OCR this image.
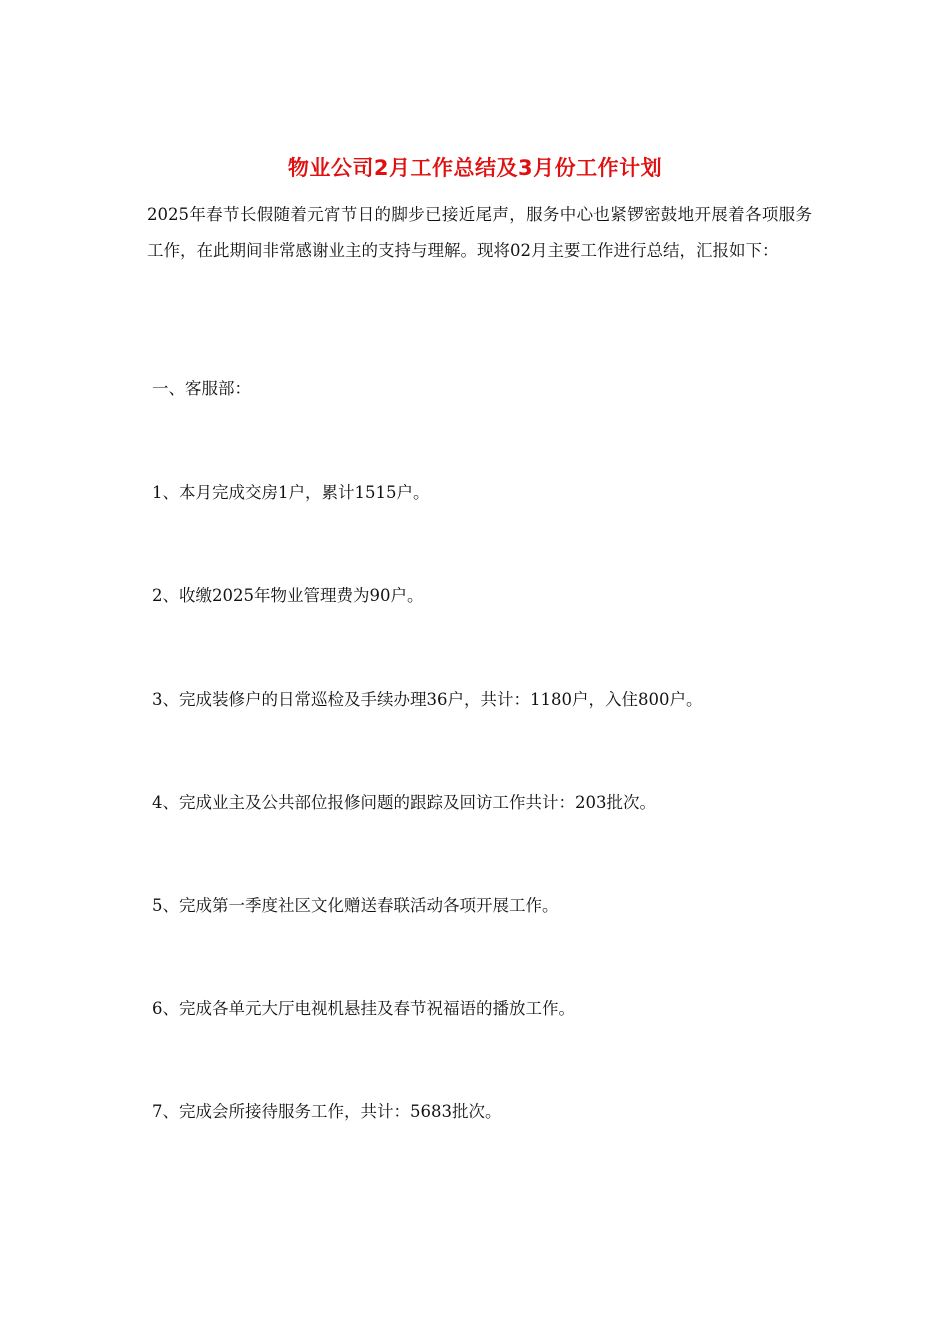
物业公司2月工作总结及3月份工作计划

2025年春节长假随着元宵节日的脚步已接近尾声，服务中心也紧锣密鼓地开展着各项服务工作，在此期间非常感谢业主的支持与理解。现将02月主要工作进行总结，汇报如下：

一、客服部：

1、本月完成交房1户，累计1515户。

2、收缴2025年物业管理费为90户。

3、完成装修户的日常巡检及手续办理36户，共计：1180户，入住800户。

4、完成业主及公共部位报修问题的跟踪及回访工作共计：203批次。

5、完成第一季度社区文化赠送春联活动各项开展工作。

6、完成各单元大厅电视机悬挂及春节祝福语的播放工作。

7、完成会所接待服务工作，共计：5683批次。
